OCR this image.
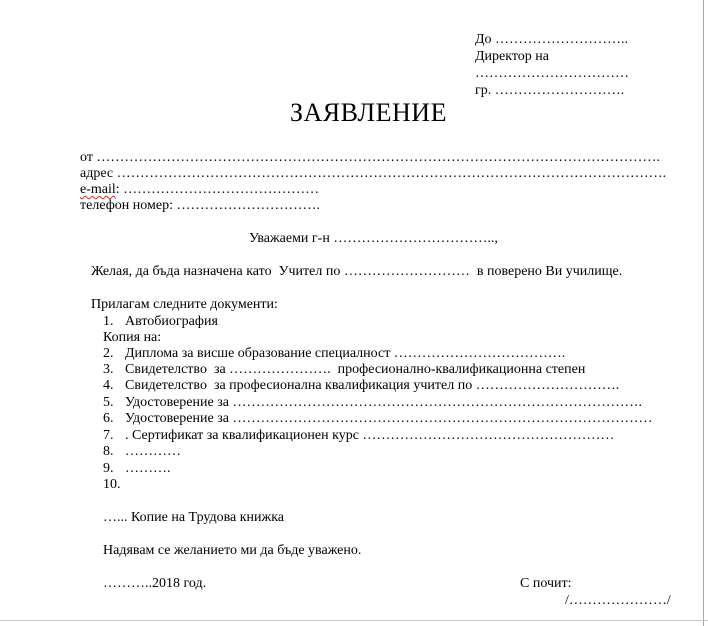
До ………………………..
Директор на
……………………………
гр. ……………………….
ЗАЯВЛЕНИЕ
от ………………………………………………………………………………………………………….
адрес ……………………………………………………………………………………………………….
e-mail: ……………………………………
телефон номер: ………………………….
Уважаеми г-н ……………………………..,
Желая, да бъда назначена като  Учител по ………………………  в поверено Ви училище.
Прилагам следните документи:
1. Автобиография
Копия на:
2. Диплома за висше образование специалност ……………………………….
3. Свидетелство  за ………………….  професионално-квалификационна степен
4. Свидетелство  за професионална квалификация учител по ………………………….
5. Удостоверение за …………………………………………………………………………….
6. Удостоверение за ………………………………………………………………………………
7. . Сертификат за квалификационен курс ………………………………………………
8. …………
9. ……….
10.
…... Копие на Трудова книжка
Надявам се желанието ми да бъде уважено.
………..2018 год.	С почит:
/…………………/
